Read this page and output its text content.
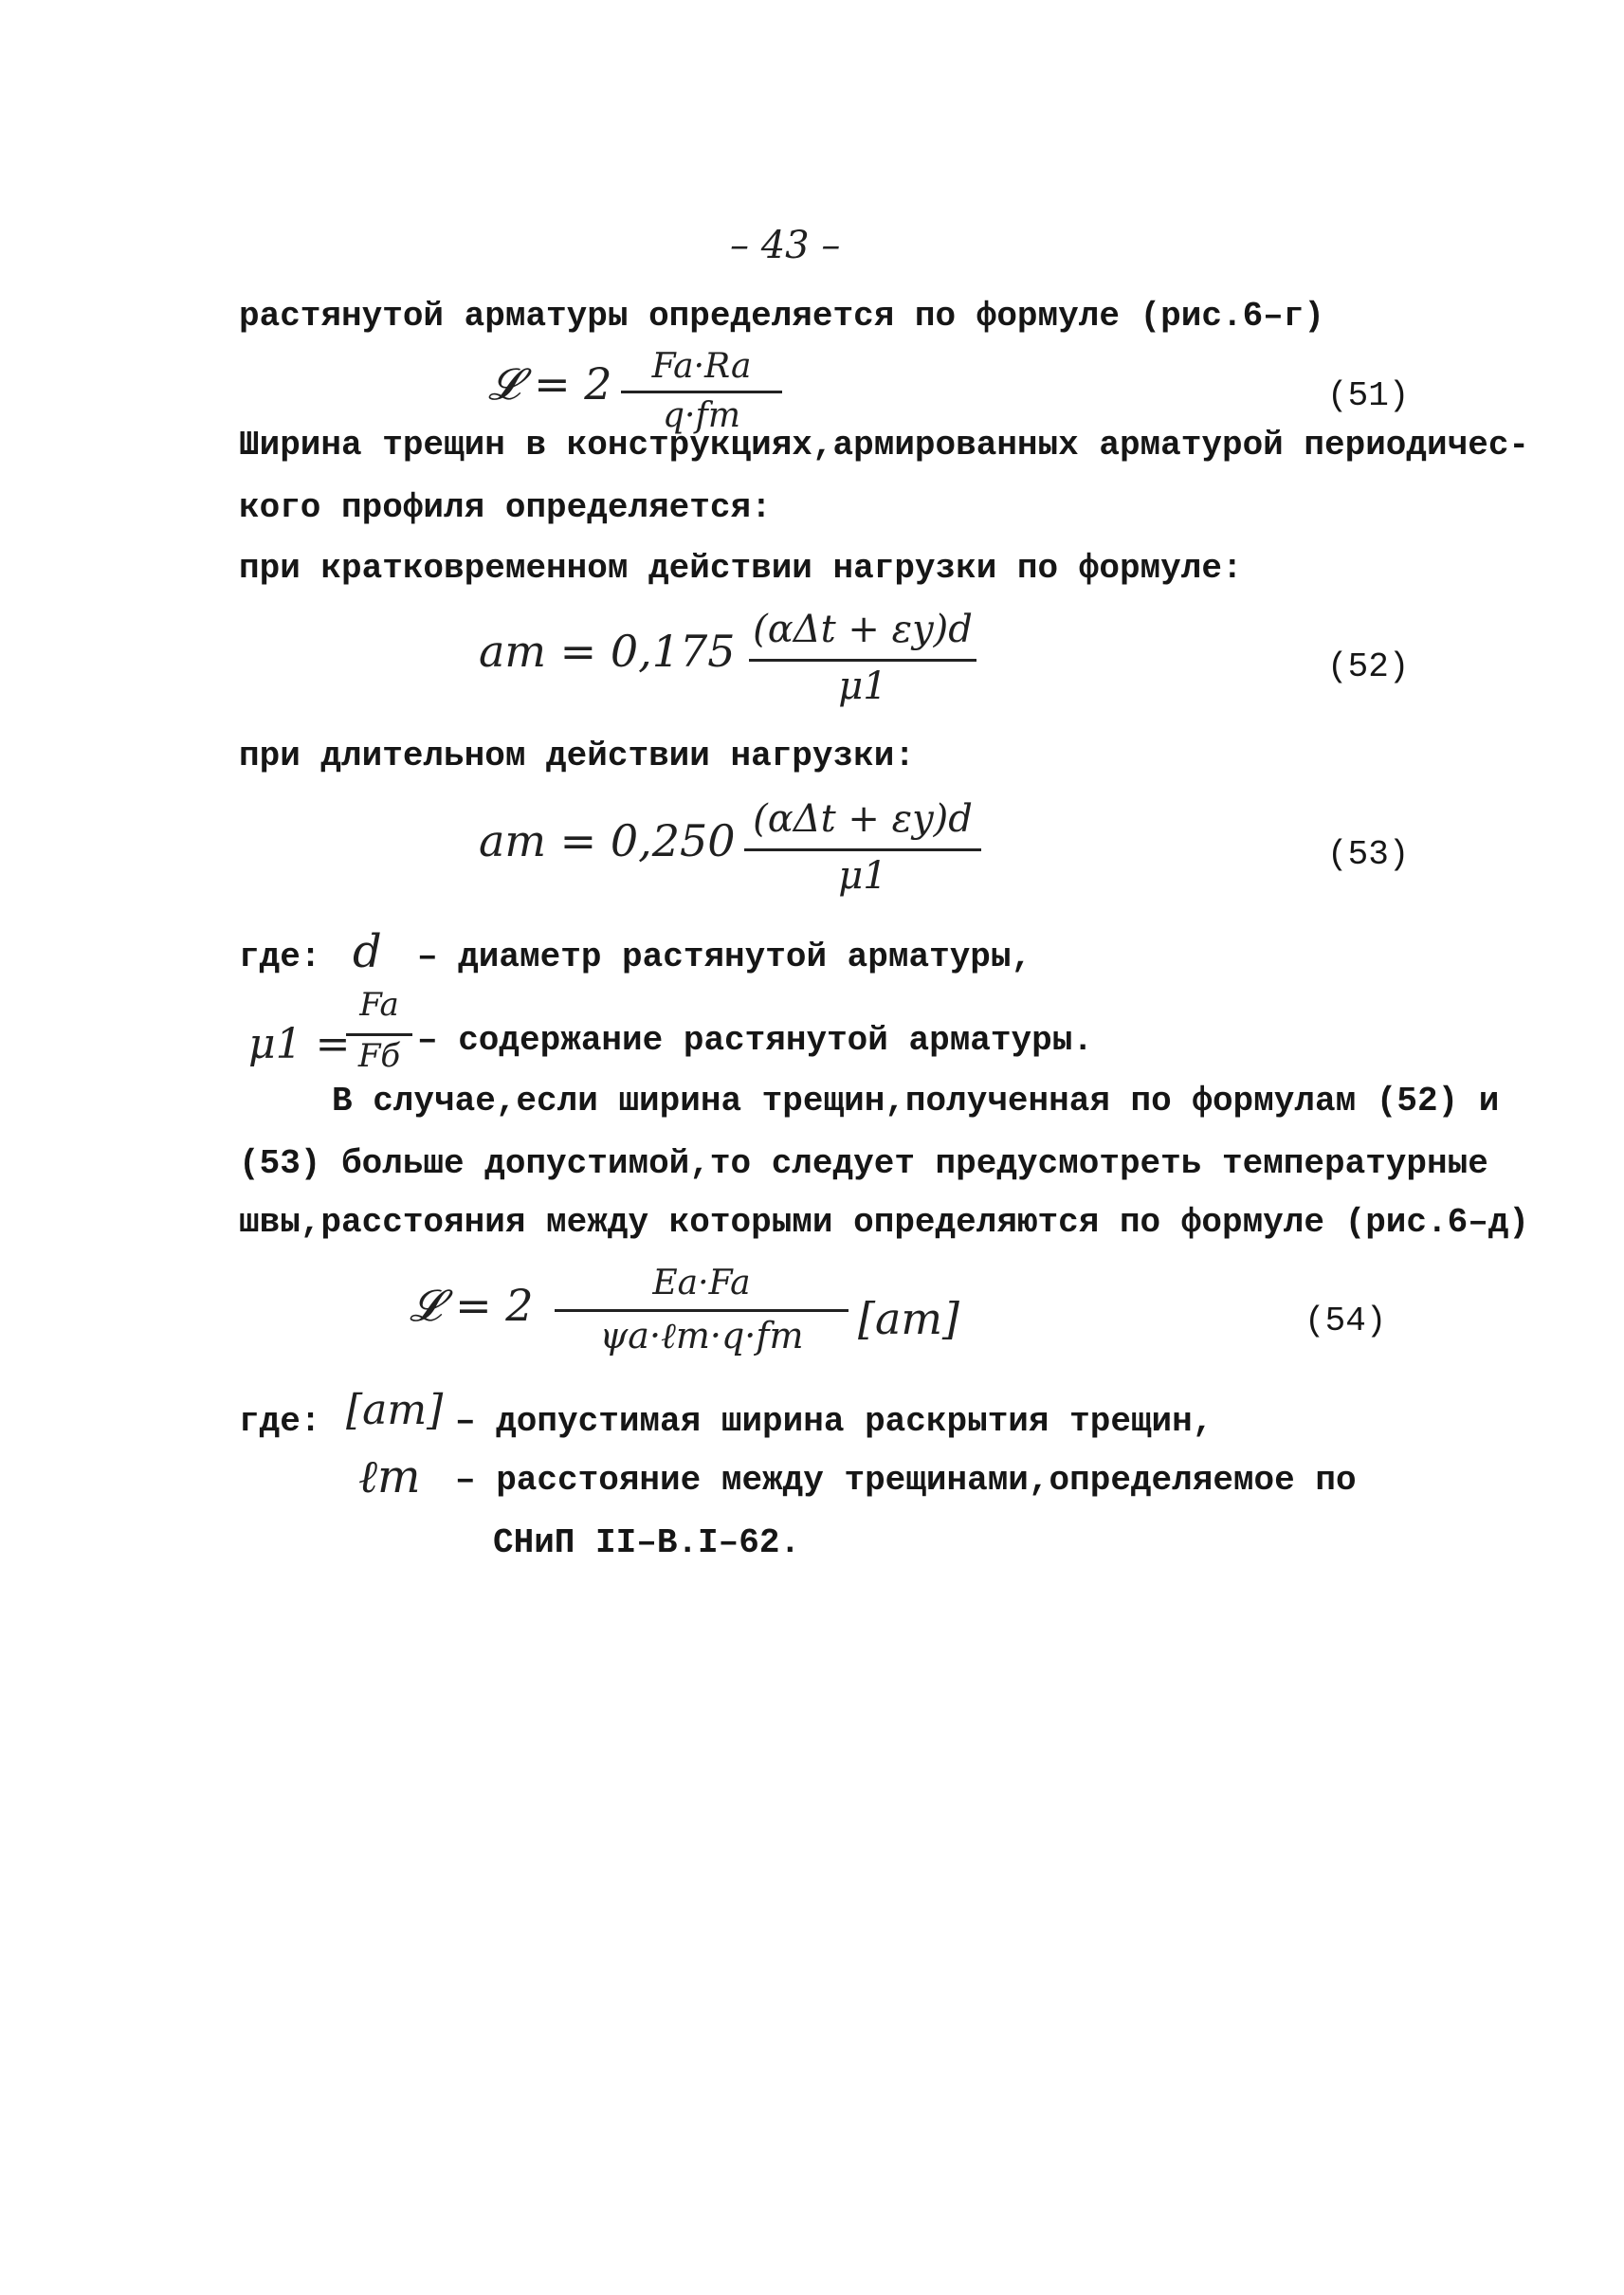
– 43 –
растянутой арматуры определяется по формуле (рис.6–г)
𝓛 = 2	Fa·Ra
q·fт
(51)
Ширина трещин в конструкциях,армированных арматурой периодичес-
кого профиля определяется:
при кратковременном действии нагрузки по формуле:
aт = 0,175 (αΔt + εy)d
μ1	(52)
при длительном действии нагрузки:
aт = 0,250 (αΔt + εy)d
μ1	(53)
где: d – диаметр растянутой арматуры,
μ1 =
Fa
Fб – содержание растянутой арматуры.
В случае,если ширина трещин,полученная по формулам (52) и
(53) больше допустимой,то следует предусмотреть температурные
швы,расстояния между которыми определяются по формуле (рис.6–д)
𝓛 = 2	Ea·Fa
ψa·ℓт·q·fт	[aт]	(54)
где: [aт] – допустимая ширина раскрытия трещин,
ℓт – расстояние между трещинами,определяемое по
СНиП II–В.I–62.
